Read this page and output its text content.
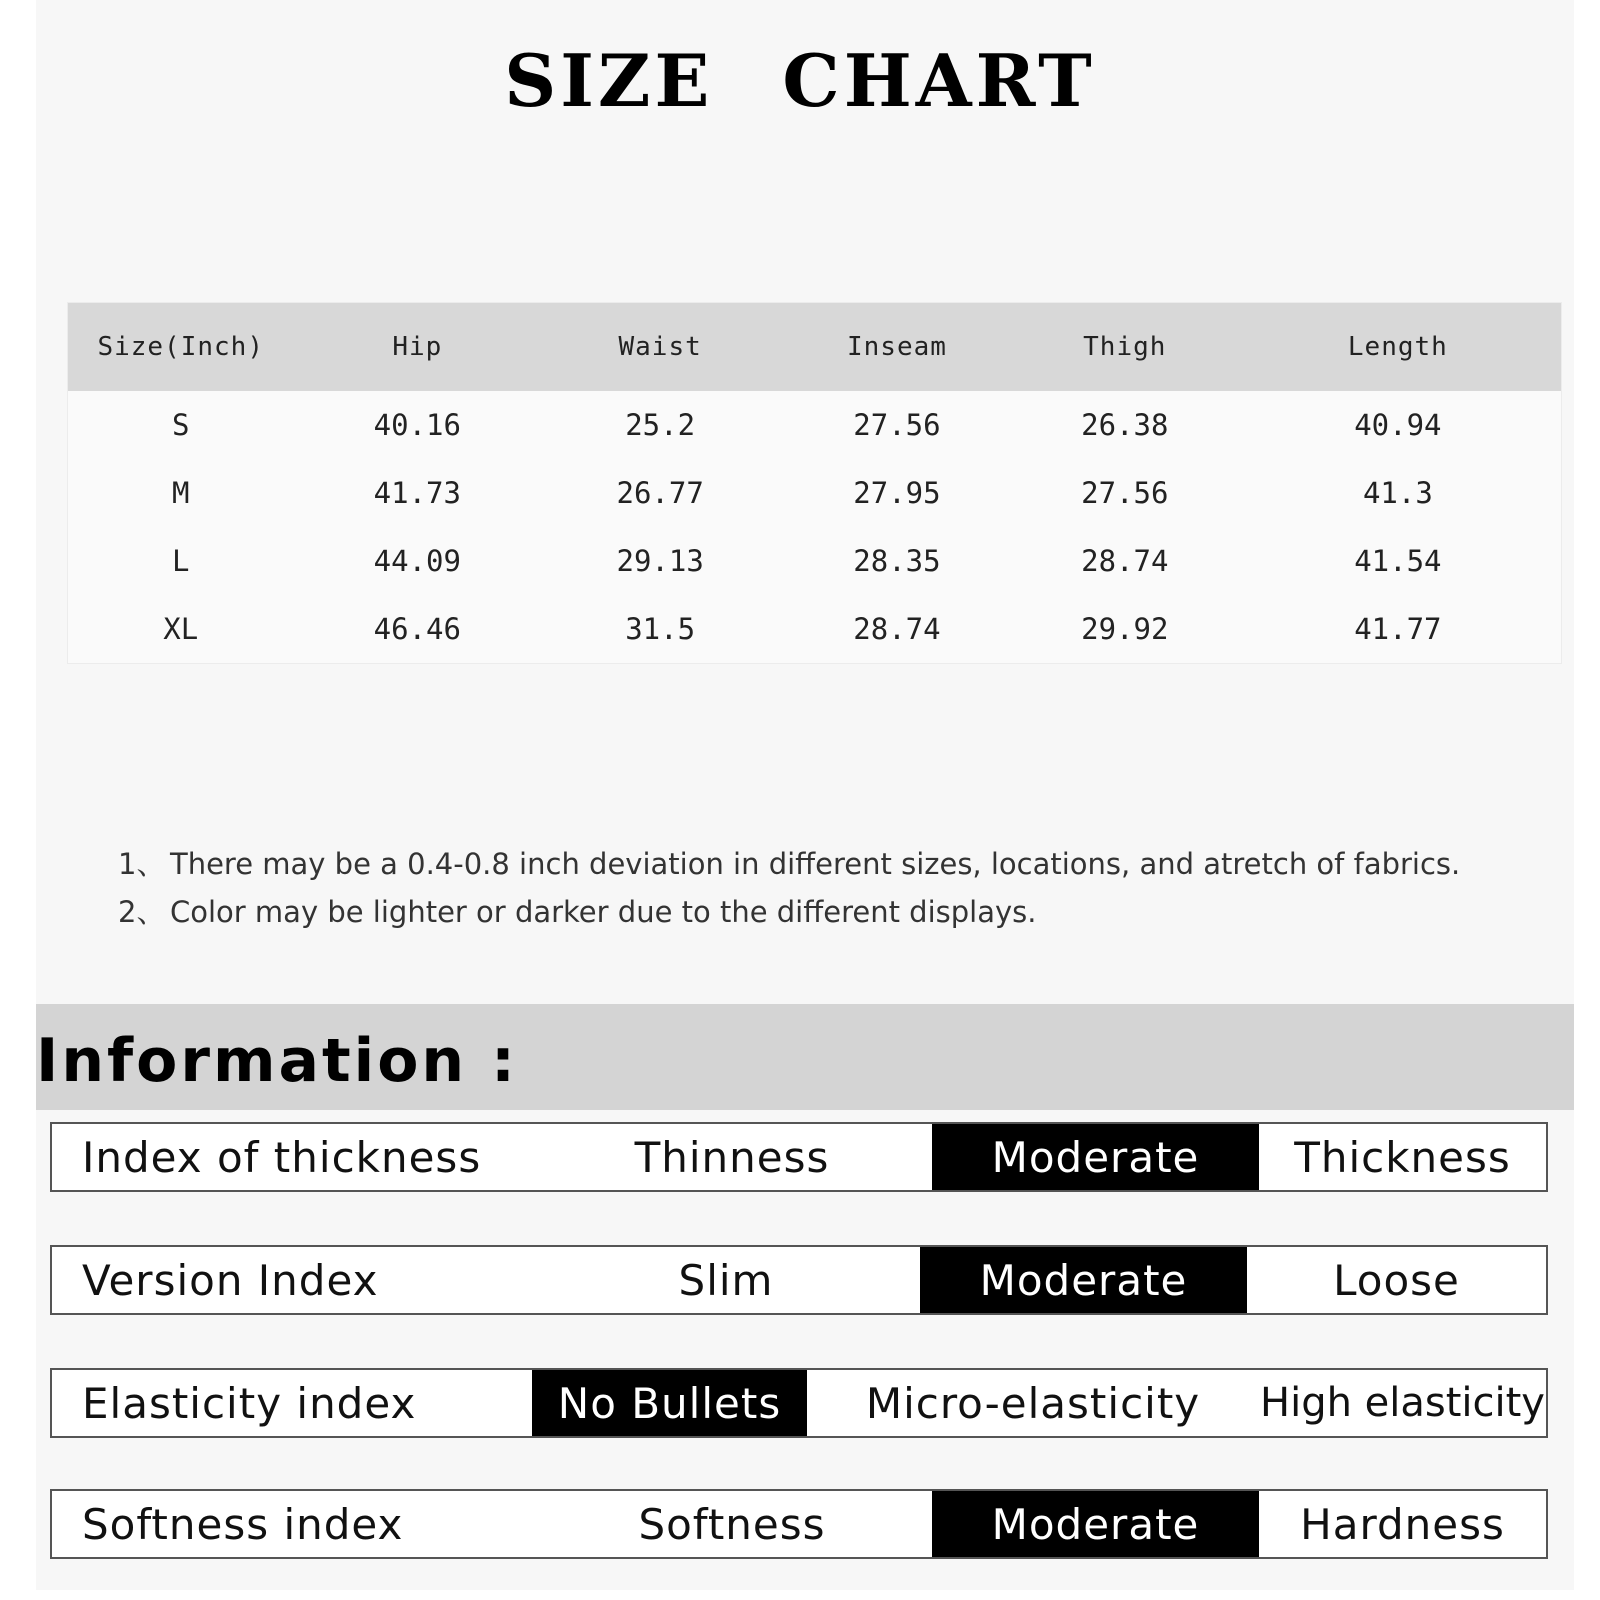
SIZE CHART
Size(Inch)	Hip	Waist	Inseam	Thigh	Length
S	40.16	25.2	27.56	26.38	40.94
M	41.73	26.77	27.95	27.56	41.3
L	44.09	29.13	28.35	28.74	41.54
XL	46.46	31.5	28.74	29.92	41.77
1、 There may be a 0.4-0.8 inch deviation in different sizes, locations, and atretch of fabrics.
2、 Color may be lighter or darker due to the different displays.
Information :
Index of thickness	Thinness	Moderate	Thickness
Version Index	Slim	Moderate	Loose
Elasticity index	No Bullets	Micro-elasticity	High elasticity
Softness index	Softness	Moderate	Hardness
